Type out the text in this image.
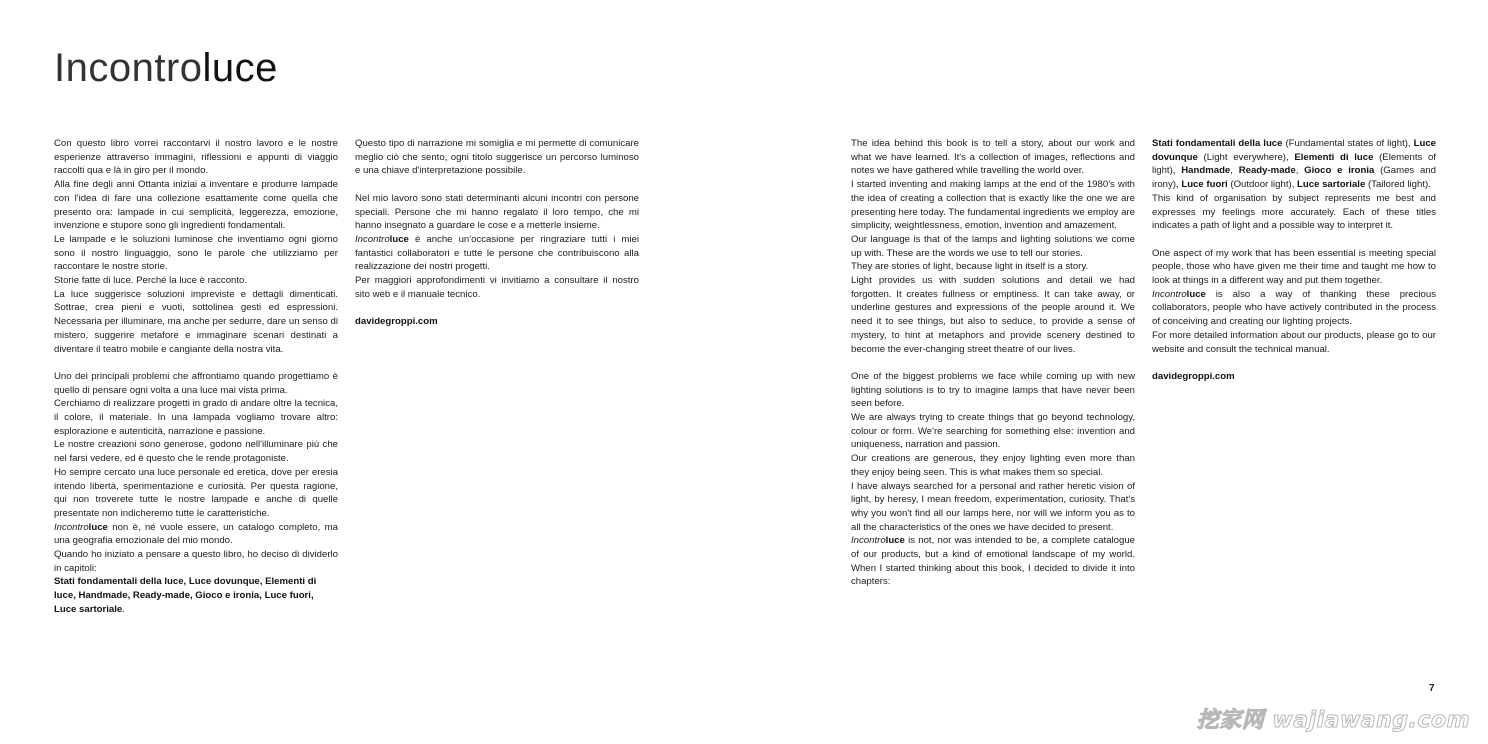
Incontroluce

Con questo libro vorrei raccontarvi il nostro lavoro e le nostre esperienze attraverso immagini, riflessioni e appunti di viaggio raccolti qua e là in giro per il mondo.

Alla fine degli anni Ottanta iniziai a inventare e produrre lampade con l'idea di fare una collezione esattamente come quella che presento ora: lampade in cui semplicità, leggerezza, emozione, invenzione e stupore sono gli ingredienti fondamentali.

Le lampade e le soluzioni luminose che inventiamo ogni giorno sono il nostro linguaggio, sono le parole che utilizziamo per raccontare le nostre storie.

Storie fatte di luce. Perché la luce è racconto.

La luce suggerisce soluzioni impreviste e dettagli dimenticati. Sottrae, crea pieni e vuoti, sottolinea gesti ed espressioni. Necessaria per illuminare, ma anche per sedurre, dare un senso di mistero, suggerire metafore e immaginare scenari destinati a diventare il teatro mobile e cangiante della nostra vita.

Uno dei principali problemi che affrontiamo quando progettiamo è quello di pensare ogni volta a una luce mai vista prima.

Cerchiamo di realizzare progetti in grado di andare oltre la tecnica, il colore, il materiale. In una lampada vogliamo trovare altro: esplorazione e autenticità, narrazione e passione.

Le nostre creazioni sono generose, godono nell'illuminare più che nel farsi vedere, ed è questo che le rende protagoniste.

Ho sempre cercato una luce personale ed eretica, dove per eresia intendo libertà, sperimentazione e curiosità. Per questa ragione, qui non troverete tutte le nostre lampade e anche di quelle presentate non indicheremo tutte le caratteristiche.

Incontroluce non è, né vuole essere, un catalogo completo, ma una geografia emozionale del mio mondo.

Quando ho iniziato a pensare a questo libro, ho deciso di dividerlo in capitoli:

Stati fondamentali della luce, Luce dovunque, Elementi di luce, Handmade, Ready-made, Gioco e ironia, Luce fuori, Luce sartoriale.

Questo tipo di narrazione mi somiglia e mi permette di comunicare meglio ciò che sento, ogni titolo suggerisce un percorso luminoso e una chiave d'interpretazione possibile.

Nel mio lavoro sono stati determinanti alcuni incontri con persone speciali. Persone che mi hanno regalato il loro tempo, che mi hanno insegnato a guardare le cose e a metterle insieme.

Incontroluce è anche un'occasione per ringraziare tutti i miei fantastici collaboratori e tutte le persone che contribuiscono alla realizzazione dei nostri progetti.

Per maggiori approfondimenti vi invitiamo a consultare il nostro sito web e il manuale tecnico.

davidegroppi.com

The idea behind this book is to tell a story, about our work and what we have learned. It's a collection of images, reflections and notes we have gathered while travelling the world over.

I started inventing and making lamps at the end of the 1980's with the idea of creating a collection that is exactly like the one we are presenting here today. The fundamental ingredients we employ are simplicity, weightlessness, emotion, invention and amazement.

Our language is that of the lamps and lighting solutions we come up with. These are the words we use to tell our stories.

They are stories of light, because light in itself is a story.

Light provides us with sudden solutions and detail we had forgotten. It creates fullness or emptiness. It can take away, or underline gestures and expressions of the people around it. We need it to see things, but also to seduce, to provide a sense of mystery, to hint at metaphors and provide scenery destined to become the ever-changing street theatre of our lives.

One of the biggest problems we face while coming up with new lighting solutions is to try to imagine lamps that have never been seen before.

We are always trying to create things that go beyond technology, colour or form. We're searching for something else: invention and uniqueness, narration and passion.

Our creations are generous, they enjoy lighting even more than they enjoy being seen. This is what makes them so special.

I have always searched for a personal and rather heretic vision of light, by heresy, I mean freedom, experimentation, curiosity. That's why you won't find all our lamps here, nor will we inform you as to all the characteristics of the ones we have decided to present.

Incontroluce is not, nor was intended to be, a complete catalogue of our products, but a kind of emotional landscape of my world. When I started thinking about this book, I decided to divide it into chapters:

Stati fondamentali della luce (Fundamental states of light), Luce dovunque (Light everywhere), Elementi di luce (Elements of light), Handmade, Ready-made, Gioco e ironia (Games and irony), Luce fuori (Outdoor light), Luce sartoriale (Tailored light).

This kind of organisation by subject represents me best and expresses my feelings more accurately. Each of these titles indicates a path of light and a possible way to interpret it.

One aspect of my work that has been essential is meeting special people, those who have given me their time and taught me how to look at things in a different way and put them together.

Incontroluce is also a way of thanking these precious collaborators, people who have actively contributed in the process of conceiving and creating our lighting projects.

For more detailed information about our products, please go to our website and consult the technical manual.

davidegroppi.com

7
挖家网 wajiawang.com
